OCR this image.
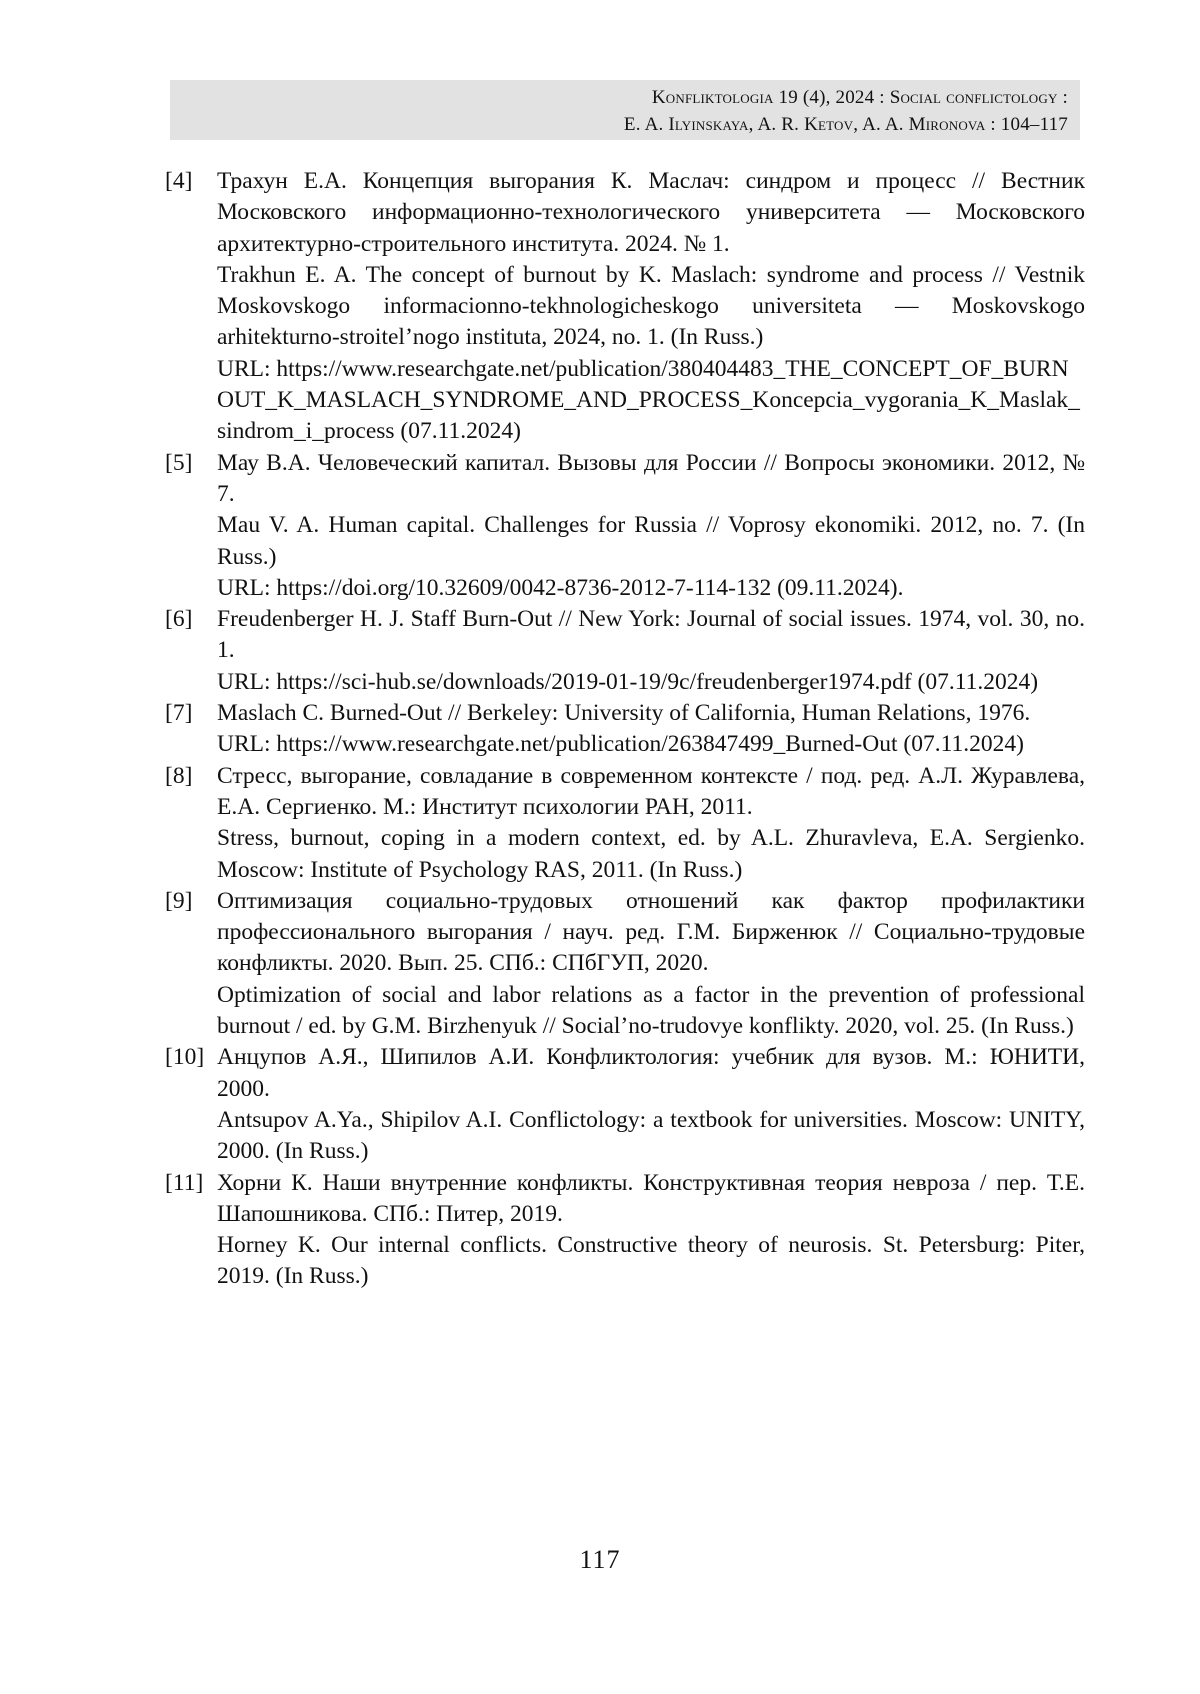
Konfliktologia 19 (4), 2024 : Social conflictology :
E. A. Ilyinskaya, A. R. Ketov, A. A. Mironova : 104–117
[4]	Трахун Е.А. Концепция выгорания К. Маслач: синдром и процесс // Вестник Московского информационно-технологического университета — Московского архитектурно-строительного института. 2024. № 1.

Trakhun E. A. The concept of burnout by K. Maslach: syndrome and process // Vestnik Moskovskogo informacionno-tekhnologicheskogo universiteta — Moskovskogo arhitekturno-stroitel’nogo instituta, 2024, no. 1. (In Russ.)

URL: https://www.researchgate.net/publication/380404483_THE_CONCEPT_OF_BURNOUT_K_MASLACH_SYNDROME_AND_PROCESS_Koncepcia_vygorania_K_Maslak_sindrom_i_process (07.11.2024)

[5]	Мау В.А. Человеческий капитал. Вызовы для России // Вопросы экономики. 2012, № 7.

Mau V. A. Human capital. Challenges for Russia // Voprosy ekonomiki. 2012, no. 7. (In Russ.)

URL: https://doi.org/10.32609/0042-8736-2012-7-114-132 (09.11.2024).

[6]	Freudenberger H. J. Staff Burn-Out // New York: Journal of social issues. 1974, vol. 30, no. 1.

URL: https://sci-hub.se/downloads/2019-01-19/9c/freudenberger1974.pdf (07.11.2024)

[7]	Maslach C. Burned-Out // Berkeley: University of California, Human Relations, 1976.

URL: https://www.researchgate.net/publication/263847499_Burned-Out (07.11.2024)

[8]	Стресс, выгорание, совладание в современном контексте / под. ред. А.Л. Журавлева, Е.А. Сергиенко. М.: Институт психологии РАН, 2011.

Stress, burnout, coping in a modern context, ed. by A.L. Zhuravleva, E.A. Sergienko. Moscow: Institute of Psychology RAS, 2011. (In Russ.)

[9]	Оптимизация социально-трудовых отношений как фактор профилактики профессионального выгорания / науч. ред. Г.М. Бирженюк // Социально-трудовые конфликты. 2020. Вып. 25. СПб.: СПбГУП, 2020.

Optimization of social and labor relations as a factor in the prevention of professional burnout / ed. by G.M. Birzhenyuk // Social’no-trudovye konflikty. 2020, vol. 25. (In Russ.)

[10] Анцупов А.Я., Шипилов А.И. Конфликтология: учебник для вузов. М.: ЮНИТИ, 2000.

Antsupov A.Ya., Shipilov A.I. Conflictology: a textbook for universities. Moscow: UNITY, 2000. (In Russ.)

[11] Хорни К. Наши внутренние конфликты. Конструктивная теория невроза / пер. Т.Е. Шапошникова. СПб.: Питер, 2019.

Horney K. Our internal conflicts. Constructive theory of neurosis. St. Petersburg: Piter, 2019. (In Russ.)

117
